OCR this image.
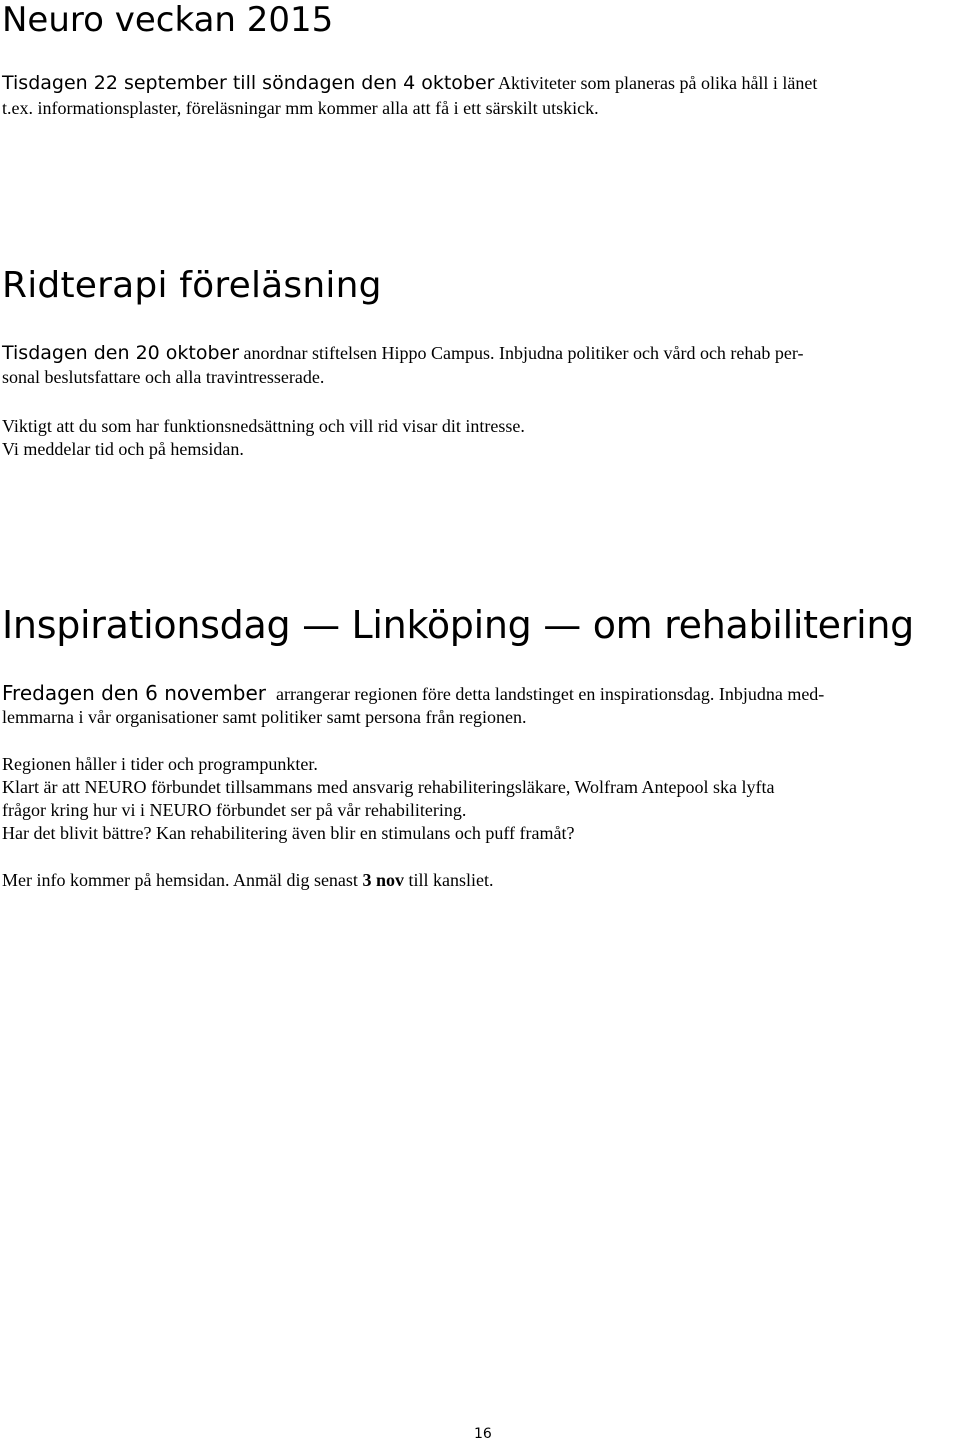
Neuro veckan 2015

Tisdagen 22 september till söndagen den 4 oktober Aktiviteter som planeras på olika håll i länet

t.ex. informationsplaster, föreläsningar mm kommer alla att få i ett särskilt utskick.

Ridterapi föreläsning

Tisdagen den 20 oktober anordnar stiftelsen Hippo Campus. Inbjudna politiker och vård och rehab per-

sonal beslutsfattare och alla travintresserade.

Viktigt att du som har funktionsnedsättning och vill rid visar dit intresse.

Vi meddelar tid och på hemsidan.

Inspirationsdag — Linköping — om rehabilitering

Fredagen den 6 november arrangerar regionen före detta landstinget en inspirationsdag. Inbjudna med-

lemmarna i vår organisationer samt politiker samt persona från regionen.

Regionen håller i tider och programpunkter.

Klart är att NEURO förbundet tillsammans med ansvarig rehabiliteringsläkare, Wolfram Antepool ska lyfta

frågor kring hur vi i NEURO förbundet ser på vår rehabilitering.

Har det blivit bättre? Kan rehabilitering även blir en stimulans och puff framåt?

Mer info kommer på hemsidan. Anmäl dig senast 3 nov till kansliet.

16
